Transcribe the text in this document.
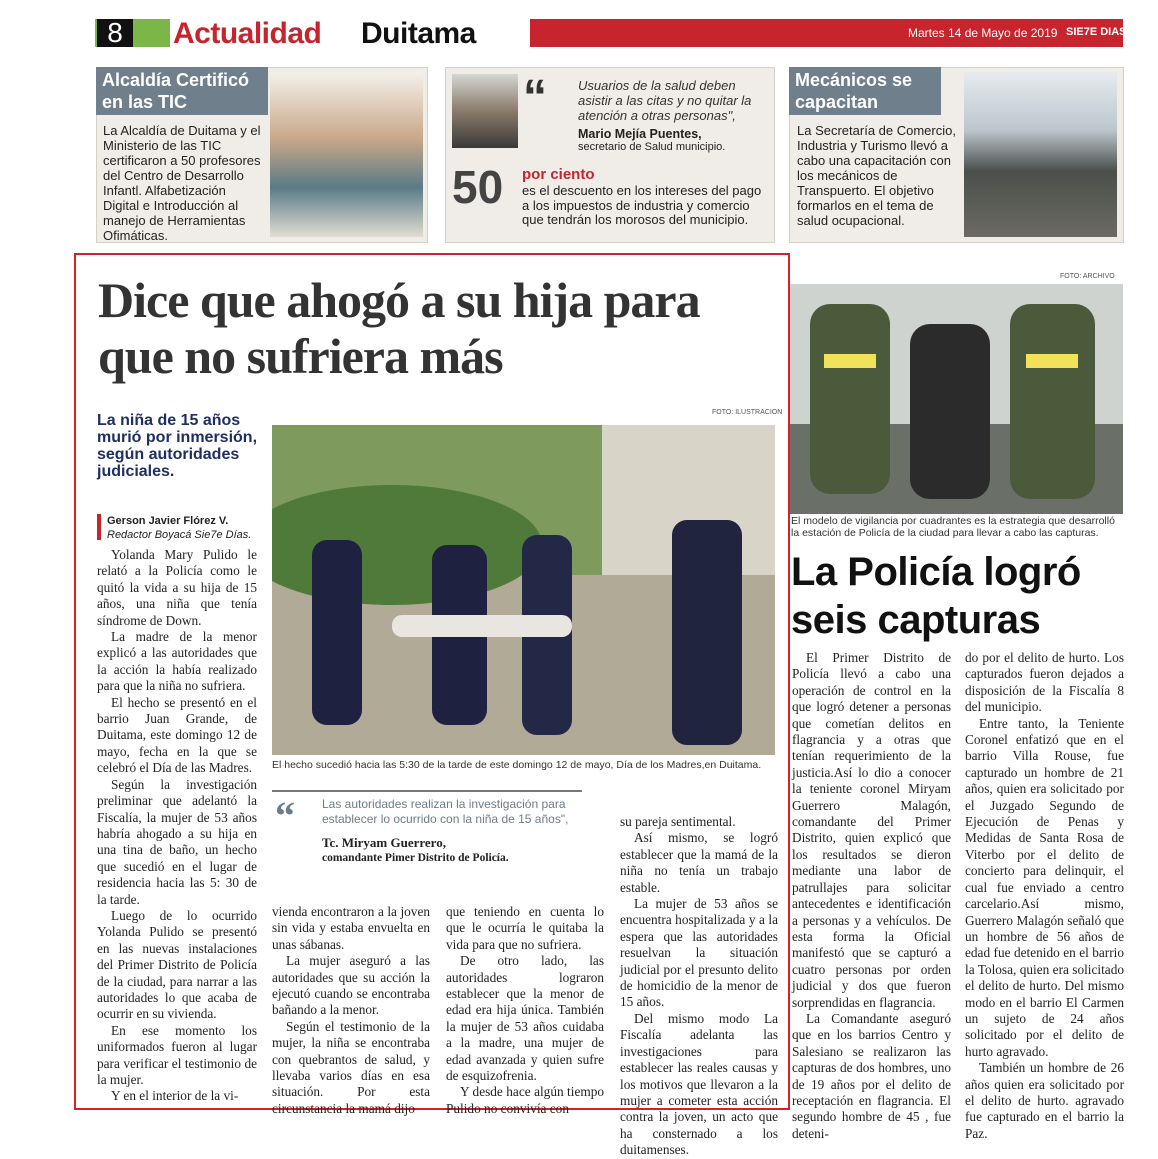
8	Actualidad Duitama	Martes 14 de Mayo de 2019 SIE7E DIAS
Alcaldía Certificó en las TIC
La Alcaldía de Duitama y el Ministerio de las TIC certificaron a 50 profesores del Centro de Desarrollo Infantl. Alfabetización Digital e Introducción al manejo de Herramientas Ofimáticas.
“ Usuarios de la salud deben asistir a las citas y no quitar la atención a otras personas",
Mario Mejía Puentes,
secretario de Salud municipio.
50 por ciento
es el descuento en los intereses del pago a los impuestos de industria y comercio que tendrán los morosos del municipio.
Mecánicos se capacitan
La Secretaría de Comercio, Industria y Turismo llevó a cabo una capacitación con los mecánicos de Transpuerto. El objetivo formarlos en el tema de salud ocupacional.
Dice que ahogó a su hija para que no sufriera más
La niña de 15 años murió por inmersión, según autoridades judiciales.
Gerson Javier Flórez V.
Redactor Boyacá Sie7e Días.

Yolanda Mary Pulido le relató a la Policía como le quitó la vida a su hija de 15 años, una niña que tenía síndrome de Down.

La madre de la menor explicó a las autoridades que la acción la había realizado para que la niña no sufriera.

El hecho se presentó en el barrio Juan Grande, de Duitama, este domingo 12 de mayo, fecha en la que se celebró el Día de las Madres.

Según la investigación preliminar que adelantó la Fiscalía, la mujer de 53 años habría ahogado a su hija en una tina de baño, un hecho que sucedió en el lugar de residencia hacia las 5: 30 de la tarde.

Luego de lo ocurrido Yolanda Pulido se presentó en las nuevas instalaciones del Primer Distrito de Policía de la ciudad, para narrar a las autoridades lo que acaba de ocurrir en su vivienda.

En ese momento los uniformados fueron al lugar para verificar el testimonio de la mujer.

Y en el interior de la vi-

FOTO: ILUSTRACION
El hecho sucedió hacia las 5:30 de la tarde de este domingo 12 de mayo, Día de los Madres,en Duitama.
“ Las autoridades realizan la investigación para establecer lo ocurrido con la niña de 15 años",
Tc. Miryam Guerrero,
comandante Pimer Distrito de Policía.

vienda encontraron a la joven sin vida y estaba envuelta en unas sábanas.

La mujer aseguró a las autoridades que su acción la ejecutó cuando se encontraba bañando a la menor.

Según el testimonio de la mujer, la niña se encontraba con quebrantos de salud, y llevaba varios días en esa situación. Por esta circunstancia la mamá dijo

que teniendo en cuenta lo que le ocurría le quitaba la vida para que no sufriera.

De otro lado, las autoridades lograron establecer que la menor de edad era hija única. También la mujer de 53 años cuidaba a la madre, una mujer de edad avanzada y quien sufre de esquizofrenia.

Y desde hace algún tiempo Pulido no convivía con

su pareja sentimental.

Así mismo, se logró establecer que la mamá de la niña no tenía un trabajo estable.

La mujer de 53 años se encuentra hospitalizada y a la espera que las autoridades resuelvan la situación judicial por el presunto delito de homicidio de la menor de 15 años.

Del mismo modo La Fiscalía adelanta las investigaciones para establecer las reales causas y los motivos que llevaron a la mujer a cometer esta acción contra la joven, un acto que ha consternado a los duitamenses.

FOTO: ARCHIVO
El modelo de vigilancia por cuadrantes es la estrategia que desarrolló la estación de Policía de la ciudad para llevar a cabo las capturas.
La Policía logró seis capturas

El Primer Distrito de Policía llevó a cabo una operación de control en la que logró detener a personas que cometían delitos en flagrancia y a otras que tenían requerimiento de la justicia.Así lo dio a conocer la teniente coronel Miryam Guerrero Malagón, comandante del Primer Distrito, quien explicó que los resultados se dieron mediante una labor de patrullajes para solicitar antecedentes e identificación a personas y a vehículos. De esta forma la Oficial manifestó que se capturó a cuatro personas por orden judicial y dos que fueron sorprendidas en flagrancia.

La Comandante aseguró que en los barrios Centro y Salesiano se realizaron las capturas de dos hombres, uno de 19 años por el delito de receptación en flagrancia. El segundo hombre de 45 , fue deteni-

do por el delito de hurto. Los capturados fueron dejados a disposición de la Fiscalía 8 del municipio.

Entre tanto, la Teniente Coronel enfatizó que en el barrio Villa Rouse, fue capturado un hombre de 21 años, quien era solicitado por el Juzgado Segundo de Ejecución de Penas y Medidas de Santa Rosa de Viterbo por el delito de concierto para delinquir, el cual fue enviado a centro carcelario.Así mismo, Guerrero Malagón señaló que un hombre de 56 años de edad fue detenido en el barrio la Tolosa, quien era solicitado el delito de hurto. Del mismo modo en el barrio El Carmen un sujeto de 24 años solicitado por el delito de hurto agravado.

También un hombre de 26 años quien era solicitado por el delito de hurto. agravado fue capturado en el barrio la Paz.
